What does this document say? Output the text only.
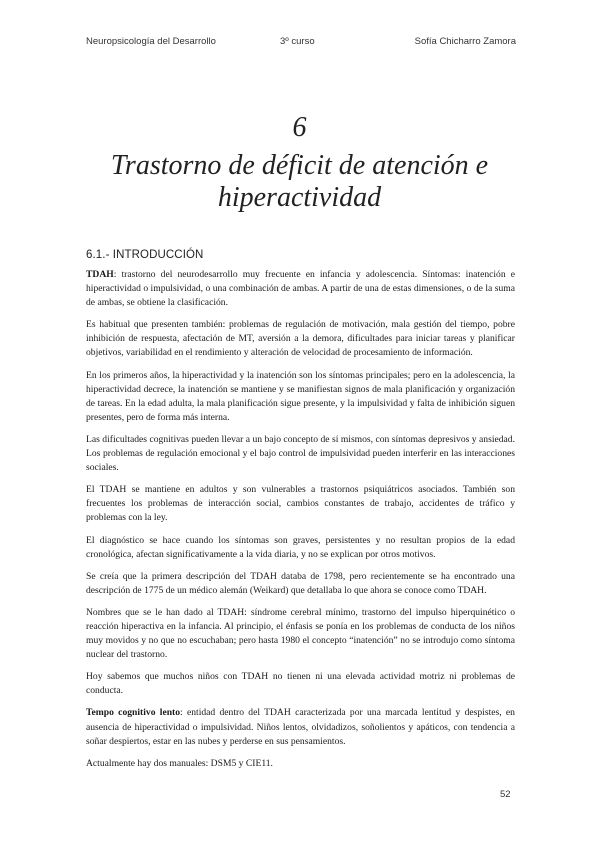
Neuropsicología del Desarrollo	3º curso	Sofía Chicharro Zamora
6
Trastorno de déficit de atención e hiperactividad
6.1.- INTRODUCCIÓN

TDAH: trastorno del neurodesarrollo muy frecuente en infancia y adolescencia. Síntomas: inatención e hiperactividad o impulsividad, o una combinación de ambas. A partir de una de estas dimensiones, o de la suma de ambas, se obtiene la clasificación.

Es habitual que presenten también: problemas de regulación de motivación, mala gestión del tiempo, pobre inhibición de respuesta, afectación de MT, aversión a la demora, dificultades para iniciar tareas y planificar objetivos, variabilidad en el rendimiento y alteración de velocidad de procesamiento de información.

En los primeros años, la hiperactividad y la inatención son los síntomas principales; pero en la adolescencia, la hiperactividad decrece, la inatención se mantiene y se manifiestan signos de mala planificación y organización de tareas. En la edad adulta, la mala planificación sigue presente, y la impulsividad y falta de inhibición siguen presentes, pero de forma más interna.

Las dificultades cognitivas pueden llevar a un bajo concepto de sí mismos, con síntomas depresivos y ansiedad. Los problemas de regulación emocional y el bajo control de impulsividad pueden interferir en las interacciones sociales.

El TDAH se mantiene en adultos y son vulnerables a trastornos psiquiátricos asociados. También son frecuentes los problemas de interacción social, cambios constantes de trabajo, accidentes de tráfico y problemas con la ley.

El diagnóstico se hace cuando los síntomas son graves, persistentes y no resultan propios de la edad cronológica, afectan significativamente a la vida diaria, y no se explican por otros motivos.

Se creía que la primera descripción del TDAH databa de 1798, pero recientemente se ha encontrado una descripción de 1775 de un médico alemán (Weikard) que detallaba lo que ahora se conoce como TDAH.

Nombres que se le han dado al TDAH: síndrome cerebral mínimo, trastorno del impulso hiperquinético o reacción hiperactiva en la infancia. Al principio, el énfasis se ponía en los problemas de conducta de los niños muy movidos y no que no escuchaban; pero hasta 1980 el concepto “inatención” no se introdujo como síntoma nuclear del trastorno.

Hoy sabemos que muchos niños con TDAH no tienen ni una elevada actividad motriz ni problemas de conducta.

Tempo cognitivo lento: entidad dentro del TDAH caracterizada por una marcada lentitud y despistes, en ausencia de hiperactividad o impulsividad. Niños lentos, olvidadizos, soñolientos y apáticos, con tendencia a soñar despiertos, estar en las nubes y perderse en sus pensamientos.

Actualmente hay dos manuales: DSM5 y CIE11.

52
